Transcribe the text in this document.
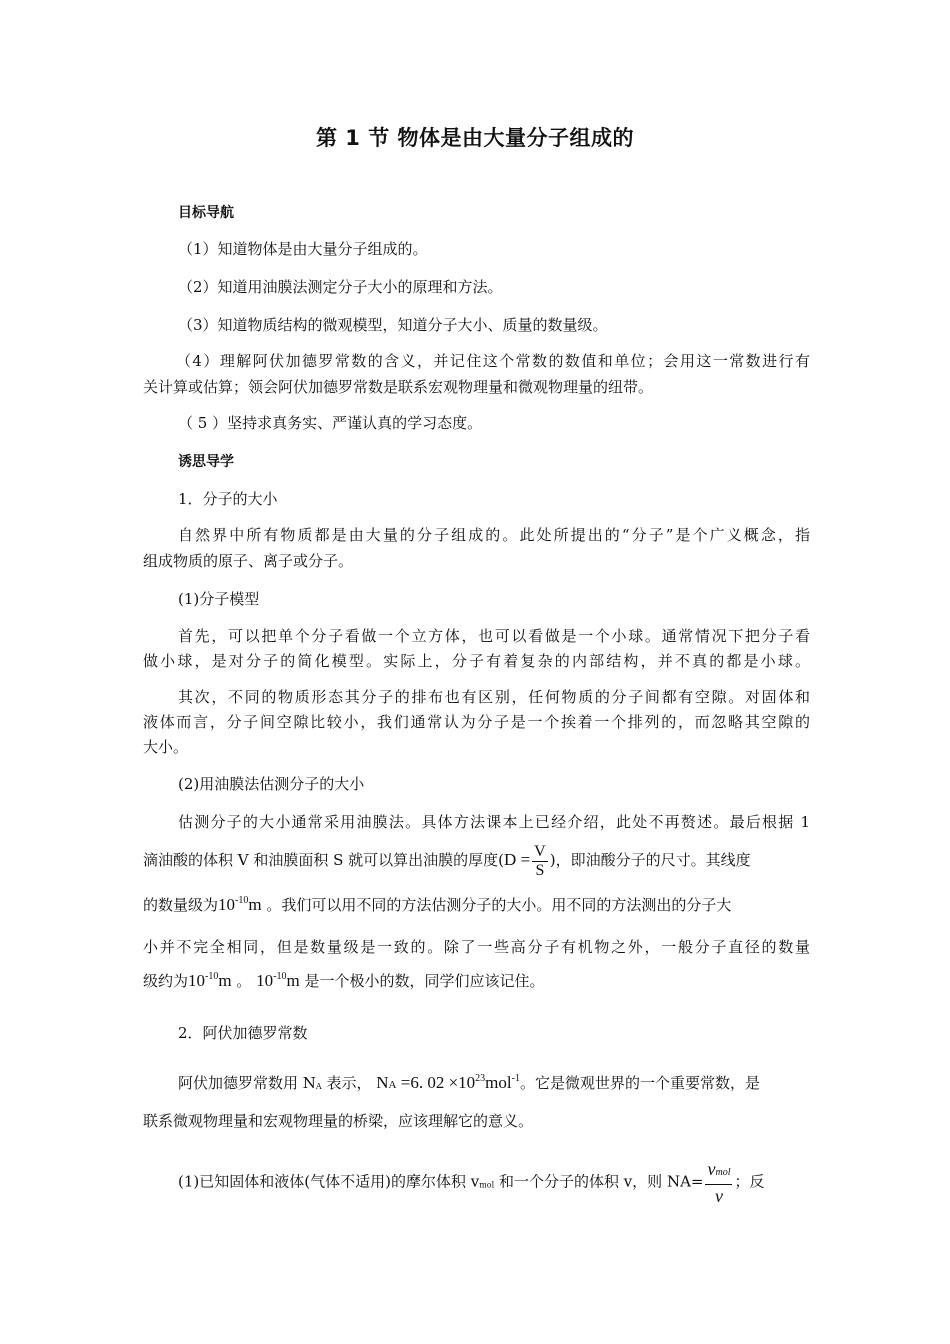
第 1 节 物体是由大量分子组成的
目标导航
（1）知道物体是由大量分子组成的。
（2）知道用油膜法测定分子大小的原理和方法。
（3）知道物质结构的微观模型，知道分子大小、质量的数量级。
（4）理解阿伏加德罗常数的含义，并记住这个常数的数值和单位；会用这一常数进行有
关计算或估算；领会阿伏加德罗常数是联系宏观物理量和微观物理量的纽带。
（ 5 ）坚持求真务实、严谨认真的学习态度。
诱思导学
1．分子的大小
自然界中所有物质都是由大量的分子组成的。此处所提出的“分子”是个广义概念，指
组成物质的原子、离子或分子。
(1)分子模型
首先，可以把单个分子看做一个立方体，也可以看做是一个小球。通常情况下把分子看
做小球，是对分子的简化模型。实际上，分子有着复杂的内部结构，并不真的都是小球。
其次，不同的物质形态其分子的排布也有区别，任何物质的分子间都有空隙。对固体和
液体而言，分子间空隙比较小，我们通常认为分子是一个挨着一个排列的，而忽略其空隙的
大小。
(2)用油膜法估测分子的大小
估测分子的大小通常采用油膜法。具体方法课本上已经介绍，此处不再赘述。最后根据 1
滴油酸的体积 V 和油膜面积 S 就可以算出油膜的厚度($D = \frac{V}{S}$ )，即油酸分子的尺寸。其线度
的数量级为$10^{-10}m$ 。我们可以用不同的方法估测分子的大小。用不同的方法测出的分子大
小并不完全相同，但是数量级是一致的。除了一些高分子有机物之外，一般分子直径的数量
级约为$10^{-10}m$ 。 $10^{-10}m$ 是一个极小的数，同学们应该记住。
2．阿伏加德罗常数
阿伏加德罗常数用 NA 表示， NA =6. $02 \times 10^{23}mol^{-1}$。它是微观世界的一个重要常数，是
联系微观物理量和宏观物理量的桥梁，应该理解它的意义。
(1)已知固体和液体(气体不适用)的摩尔体积 vmol 和一个分子的体积 v，则 $NA= \frac{\text{vmol}}{v}$ ；反
